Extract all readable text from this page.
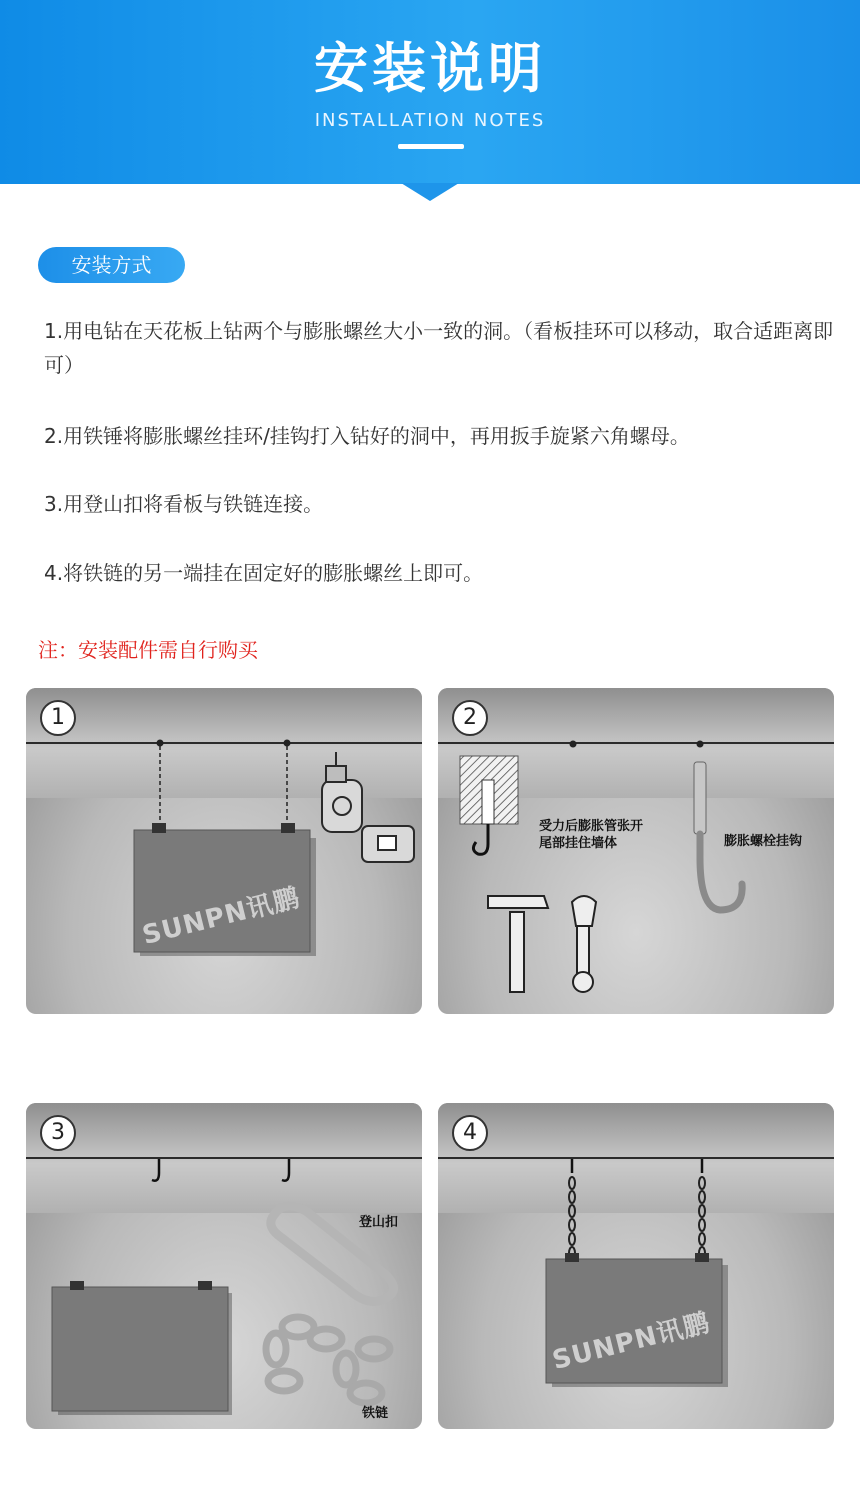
安装说明
INSTALLATION NOTES
安装方式
1.用电钻在天花板上钻两个与膨胀螺丝大小一致的洞。（看板挂环可以移动，取合适距离即可）
2.用铁锤将膨胀螺丝挂环/挂钩打入钻好的洞中，再用扳手旋紧六角螺母。
3.用登山扣将看板与铁链连接。
4.将铁链的另一端挂在固定好的膨胀螺丝上即可。
注：安装配件需自行购买
1
SUNPN讯鹏
2
受力后膨胀管张开
尾部挂住墙体	膨胀螺栓挂钩
3
登山扣
铁链
4
SUNPN讯鹏
